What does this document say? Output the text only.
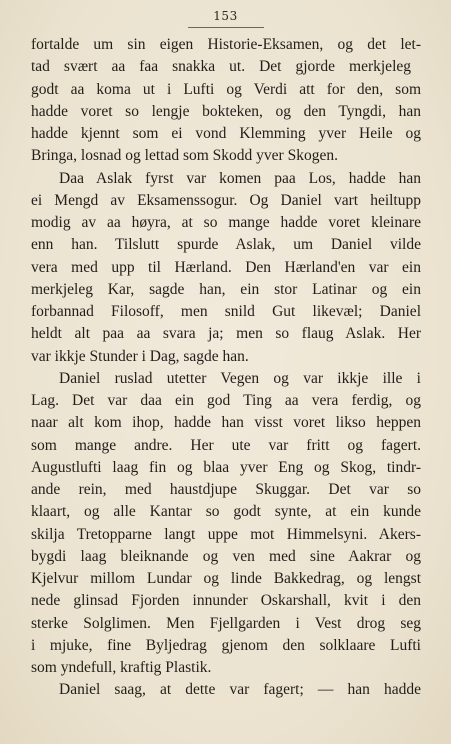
153
fortalde um sin eigen Historie-Eksamen, og det let-
tad svært aa faa snakka ut. Det gjorde merkjeleg
godt aa koma ut i Lufti og Verdi att for den, som
hadde voret so lengje bokteken, og den Tyngdi, han
hadde kjennt som ei vond Klemming yver Heile og
Bringa, losnad og lettad som Skodd yver Skogen.
Daa Aslak fyrst var komen paa Los, hadde han
ei Mengd av Eksamenssogur. Og Daniel vart heiltupp
modig av aa høyra, at so mange hadde voret kleinare
enn han. Tilslutt spurde Aslak, um Daniel vilde
vera med upp til Hærland. Den Hærland'en var ein
merkjeleg Kar, sagde han, ein stor Latinar og ein
forbannad Filosoff, men snild Gut likevæl; Daniel
heldt alt paa aa svara ja; men so flaug Aslak. Her
var ikkje Stunder i Dag, sagde han.
Daniel ruslad utetter Vegen og var ikkje ille i
Lag. Det var daa ein god Ting aa vera ferdig, og
naar alt kom ihop, hadde han visst voret likso heppen
som mange andre. Her ute var fritt og fagert.
Augustlufti laag fin og blaa yver Eng og Skog, tindr-
ande rein, med haustdjupe Skuggar. Det var so
klaart, og alle Kantar so godt synte, at ein kunde
skilja Tretopparne langt uppe mot Himmelsyni. Akers-
bygdi laag bleiknande og ven med sine Aakrar og
Kjelvur millom Lundar og linde Bakkedrag, og lengst
nede glinsad Fjorden innunder Oskarshall, kvit i den
sterke Solglimen. Men Fjellgarden i Vest drog seg
i mjuke, fine Byljedrag gjenom den solklaare Lufti
som yndefull, kraftig Plastik.
Daniel saag, at dette var fagert; — han hadde
